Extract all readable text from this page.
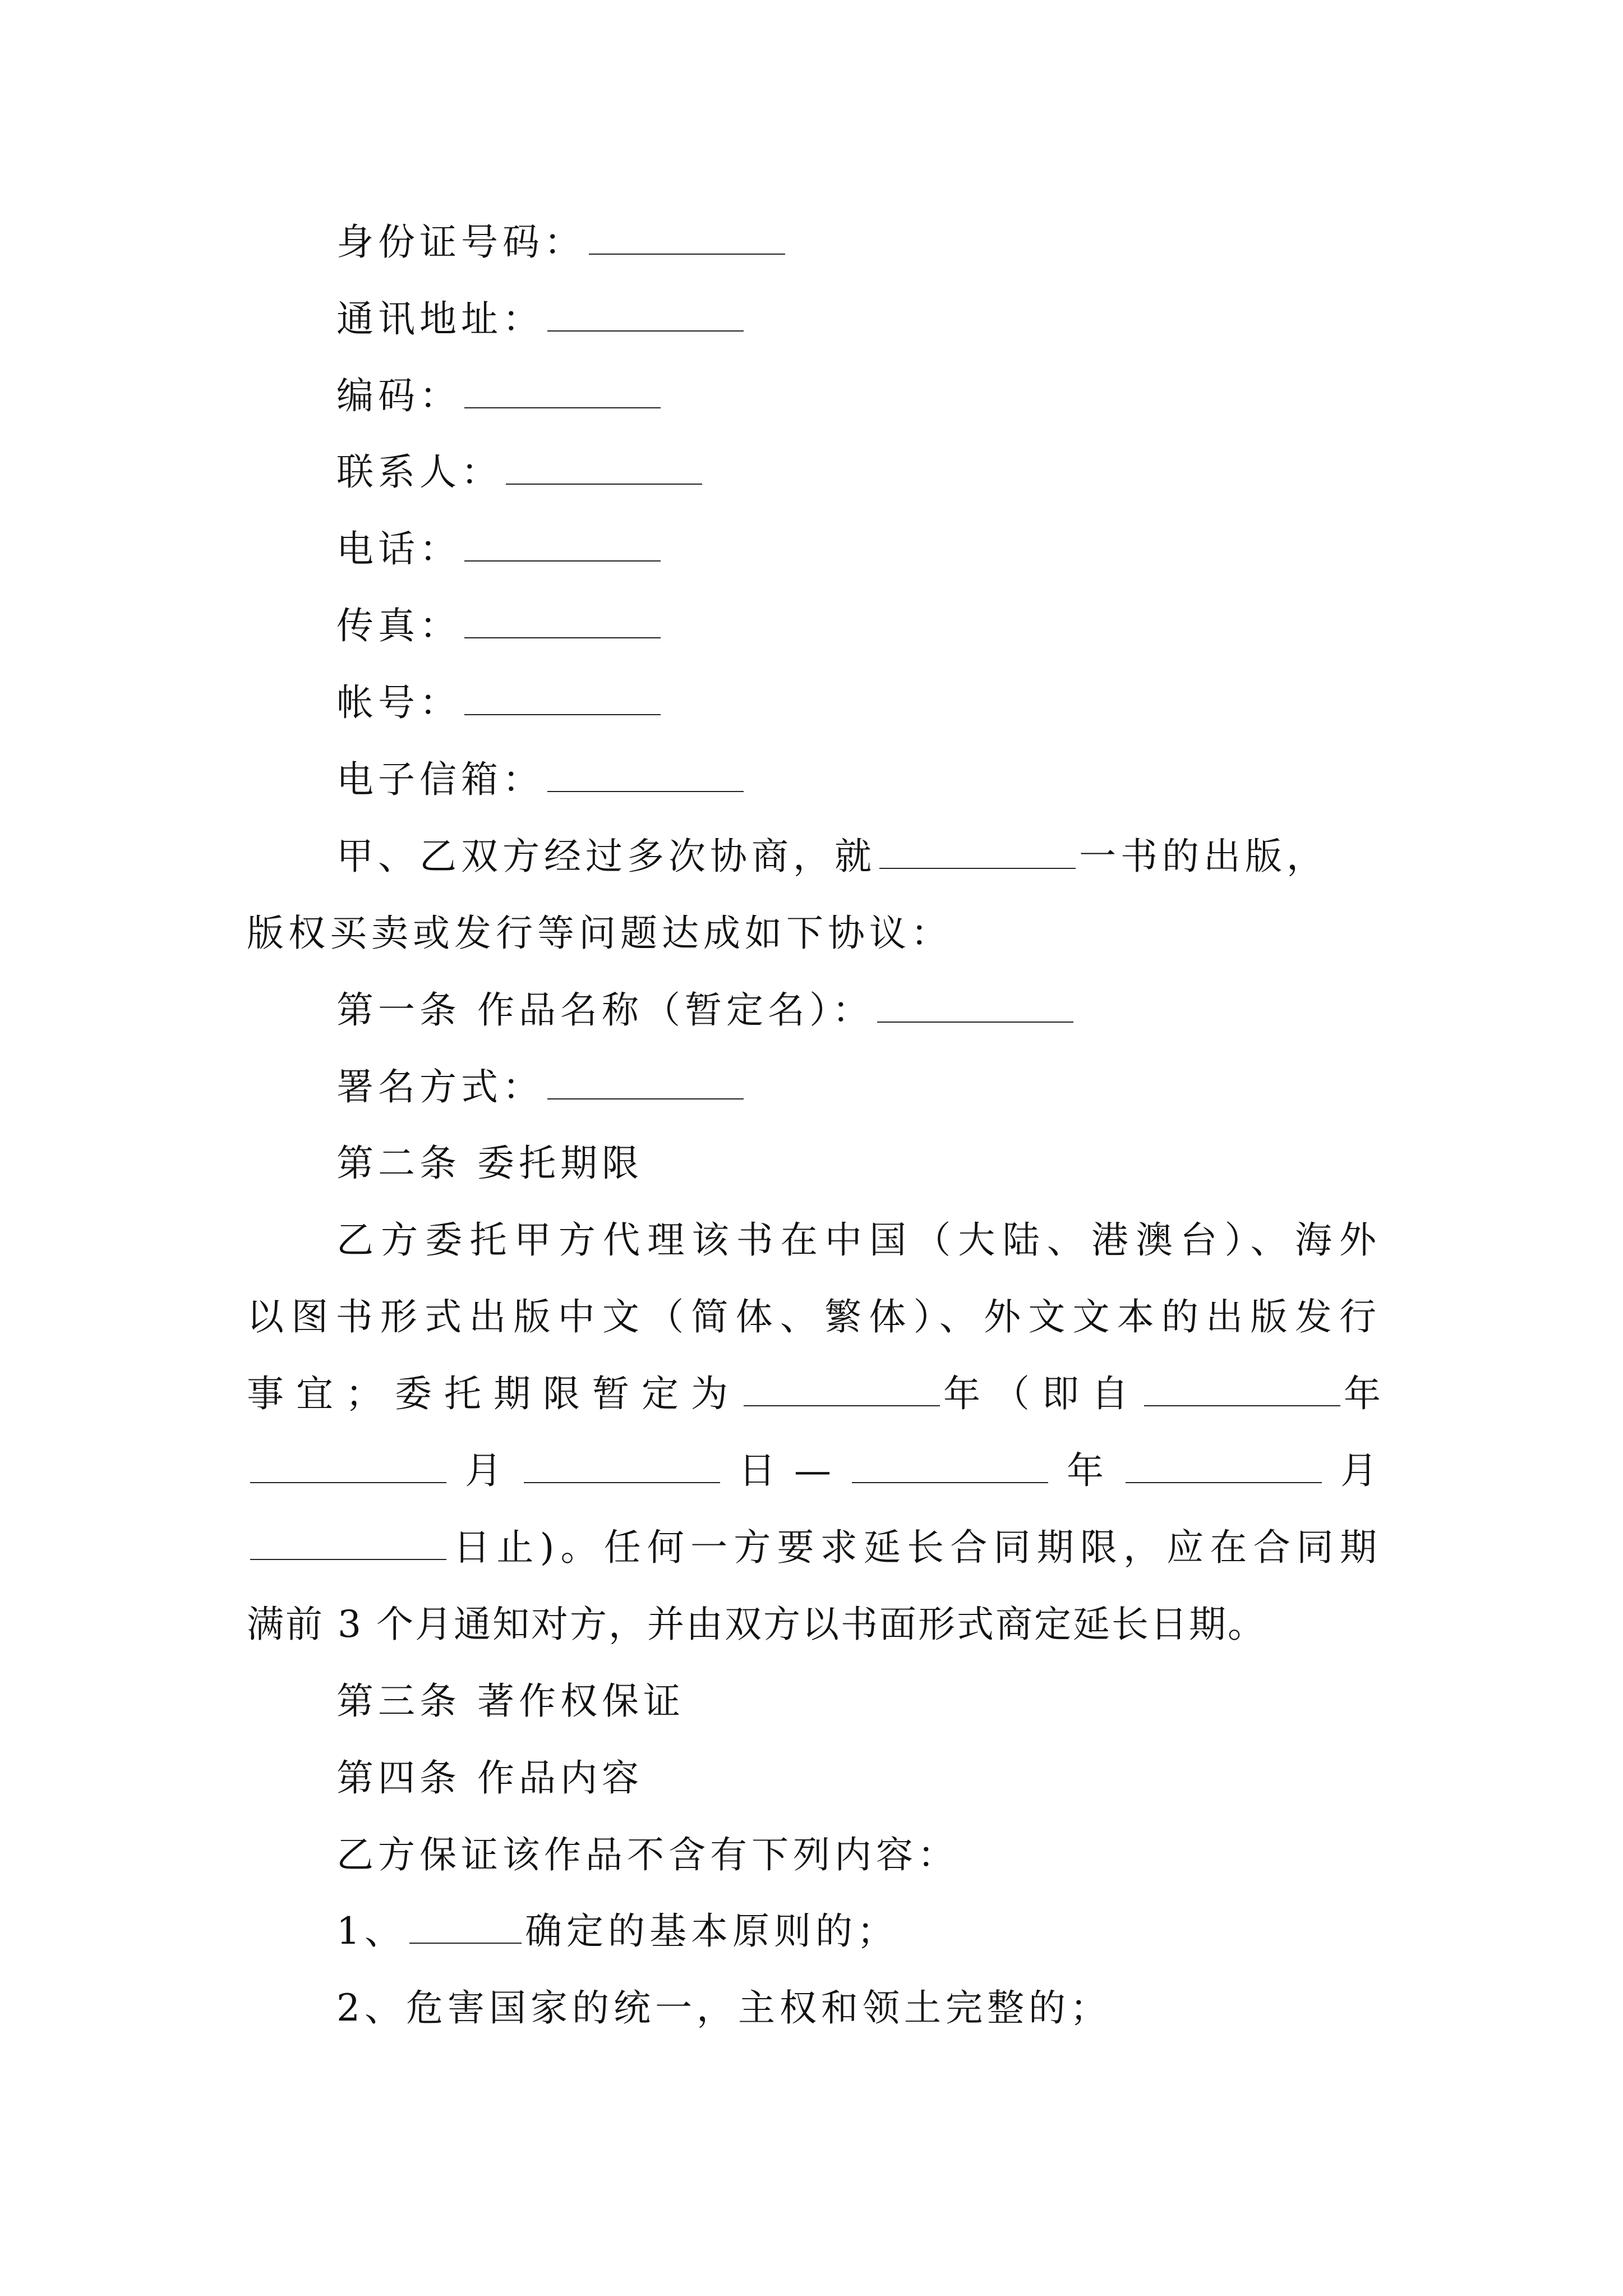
身份证号码：
通讯地址：
编码：
联系人：
电话：
传真：
帐号：
电子信箱：
甲、乙双方经过多次协商，就	一书的出版，
版权买卖或发行等问题达成如下协议：
第一条 作品名称（暂定名）：
署名方式：
第二条 委托期限
乙方委托甲方代理该书在中国（大陆、港澳台）、海外
以图书形式出版中文（简体、繁体）、外文文本的出版发行
事宜；委托期限暂定为	年（即自	年
月	日 —	年	月
日止)。任何一方要求延长合同期限，应在合同期
满前 3 个月通知对方，并由双方以书面形式商定延长日期。
第三条 著作权保证
第四条 作品内容
乙方保证该作品不含有下列内容：
1、	确定的基本原则的；
2、危害国家的统一，主权和领土完整的；
